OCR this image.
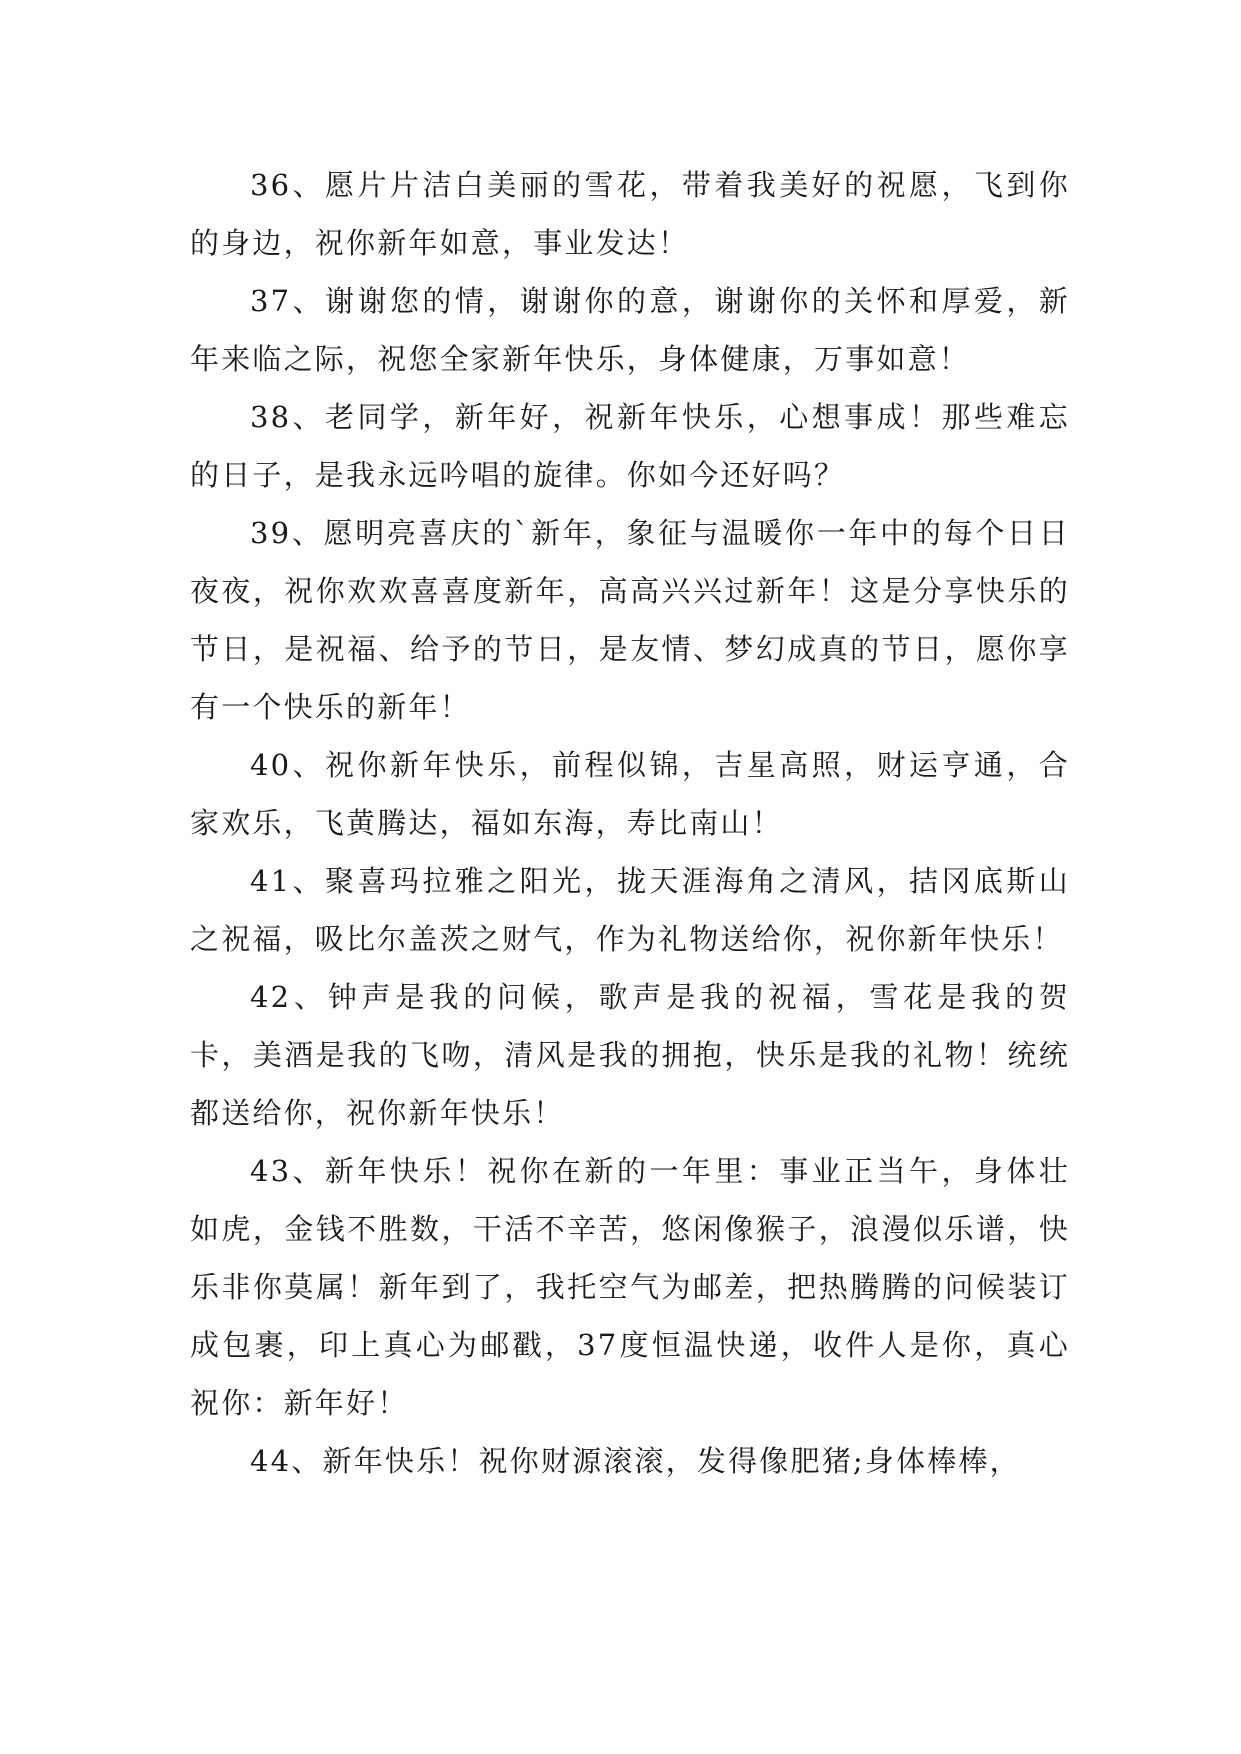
36、愿片片洁白美丽的雪花，带着我美好的祝愿，飞到你的身边，祝你新年如意，事业发达！

37、谢谢您的情，谢谢你的意，谢谢你的关怀和厚爱，新年来临之际，祝您全家新年快乐，身体健康，万事如意！

38、老同学，新年好，祝新年快乐，心想事成！那些难忘的日子，是我永远吟唱的旋律。你如今还好吗？

39、愿明亮喜庆的`新年，象征与温暖你一年中的每个日日夜夜，祝你欢欢喜喜度新年，高高兴兴过新年！这是分享快乐的节日，是祝福、给予的节日，是友情、梦幻成真的节日，愿你享有一个快乐的新年！

40、祝你新年快乐，前程似锦，吉星高照，财运亨通，合家欢乐，飞黄腾达，福如东海，寿比南山！

41、聚喜玛拉雅之阳光，拢天涯海角之清风，拮冈底斯山之祝福，吸比尔盖茨之财气，作为礼物送给你，祝你新年快乐！

42、钟声是我的问候，歌声是我的祝福，雪花是我的贺卡，美酒是我的飞吻，清风是我的拥抱，快乐是我的礼物！统统都送给你，祝你新年快乐！

43、新年快乐！祝你在新的一年里：事业正当午，身体壮如虎，金钱不胜数，干活不辛苦，悠闲像猴子，浪漫似乐谱，快乐非你莫属！新年到了，我托空气为邮差，把热腾腾的问候装订成包裹，印上真心为邮戳，37度恒温快递，收件人是你，真心祝你：新年好！

44、新年快乐！祝你财源滚滚，发得像肥猪;身体棒棒，
